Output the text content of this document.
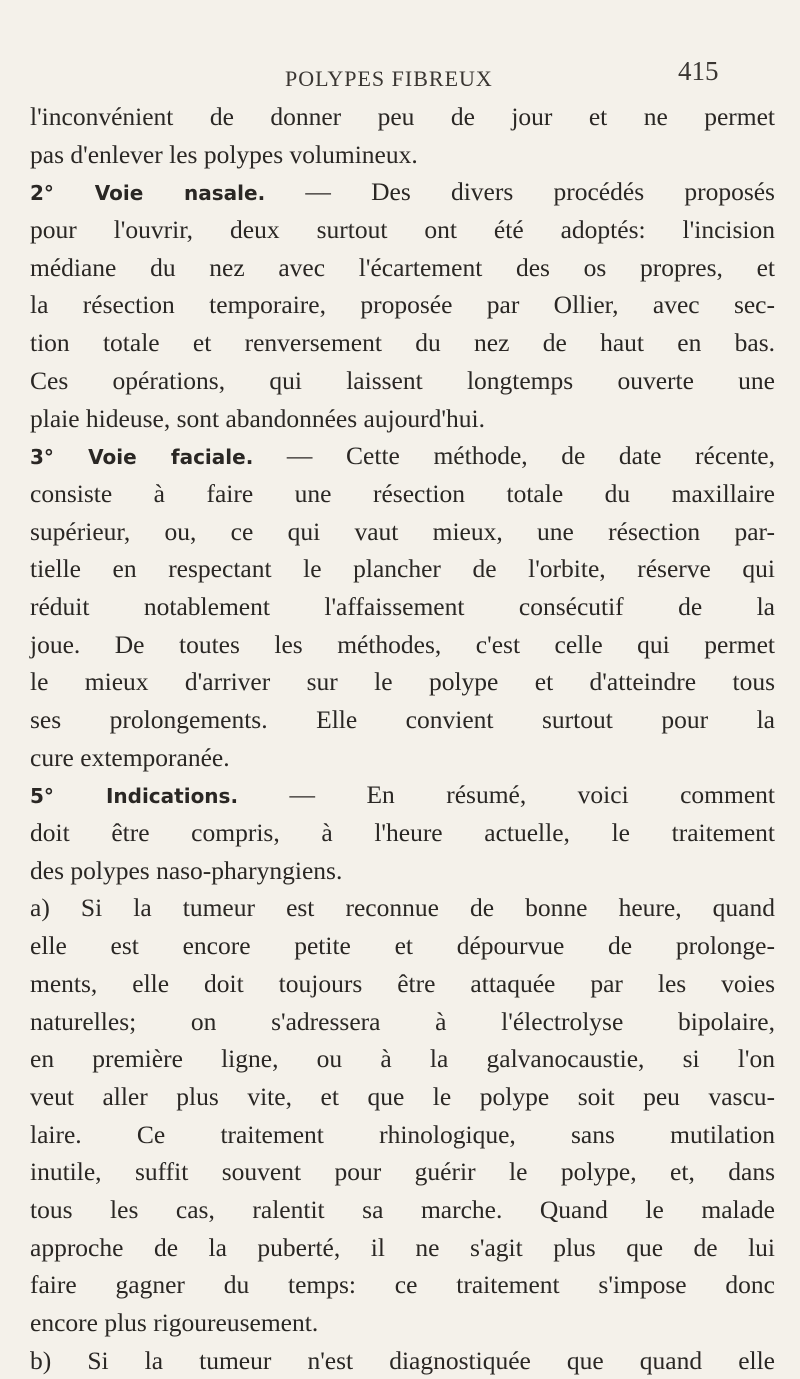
POLYPES FIBREUX	415
l'inconvénient de donner peu de jour et ne permet
pas d'enlever les polypes volumineux.
2° Voie nasale. — Des divers procédés proposés
pour l'ouvrir, deux surtout ont été adoptés: l'incision
médiane du nez avec l'écartement des os propres, et
la résection temporaire, proposée par Ollier, avec sec-
tion totale et renversement du nez de haut en bas.
Ces opérations, qui laissent longtemps ouverte une
plaie hideuse, sont abandonnées aujourd'hui.
3° Voie faciale. — Cette méthode, de date récente,
consiste à faire une résection totale du maxillaire
supérieur, ou, ce qui vaut mieux, une résection par-
tielle en respectant le plancher de l'orbite, réserve qui
réduit notablement l'affaissement consécutif de la
joue. De toutes les méthodes, c'est celle qui permet
le mieux d'arriver sur le polype et d'atteindre tous
ses prolongements. Elle convient surtout pour la
cure extemporanée.
5° Indications. — En résumé, voici comment
doit être compris, à l'heure actuelle, le traitement
des polypes naso-pharyngiens.
a) Si la tumeur est reconnue de bonne heure, quand
elle est encore petite et dépourvue de prolonge-
ments, elle doit toujours être attaquée par les voies
naturelles; on s'adressera à l'électrolyse bipolaire,
en première ligne, ou à la galvanocaustie, si l'on
veut aller plus vite, et que le polype soit peu vascu-
laire. Ce traitement rhinologique, sans mutilation
inutile, suffit souvent pour guérir le polype, et, dans
tous les cas, ralentit sa marche. Quand le malade
approche de la puberté, il ne s'agit plus que de lui
faire gagner du temps: ce traitement s'impose donc
encore plus rigoureusement.
b) Si la tumeur n'est diagnostiquée que quand elle
